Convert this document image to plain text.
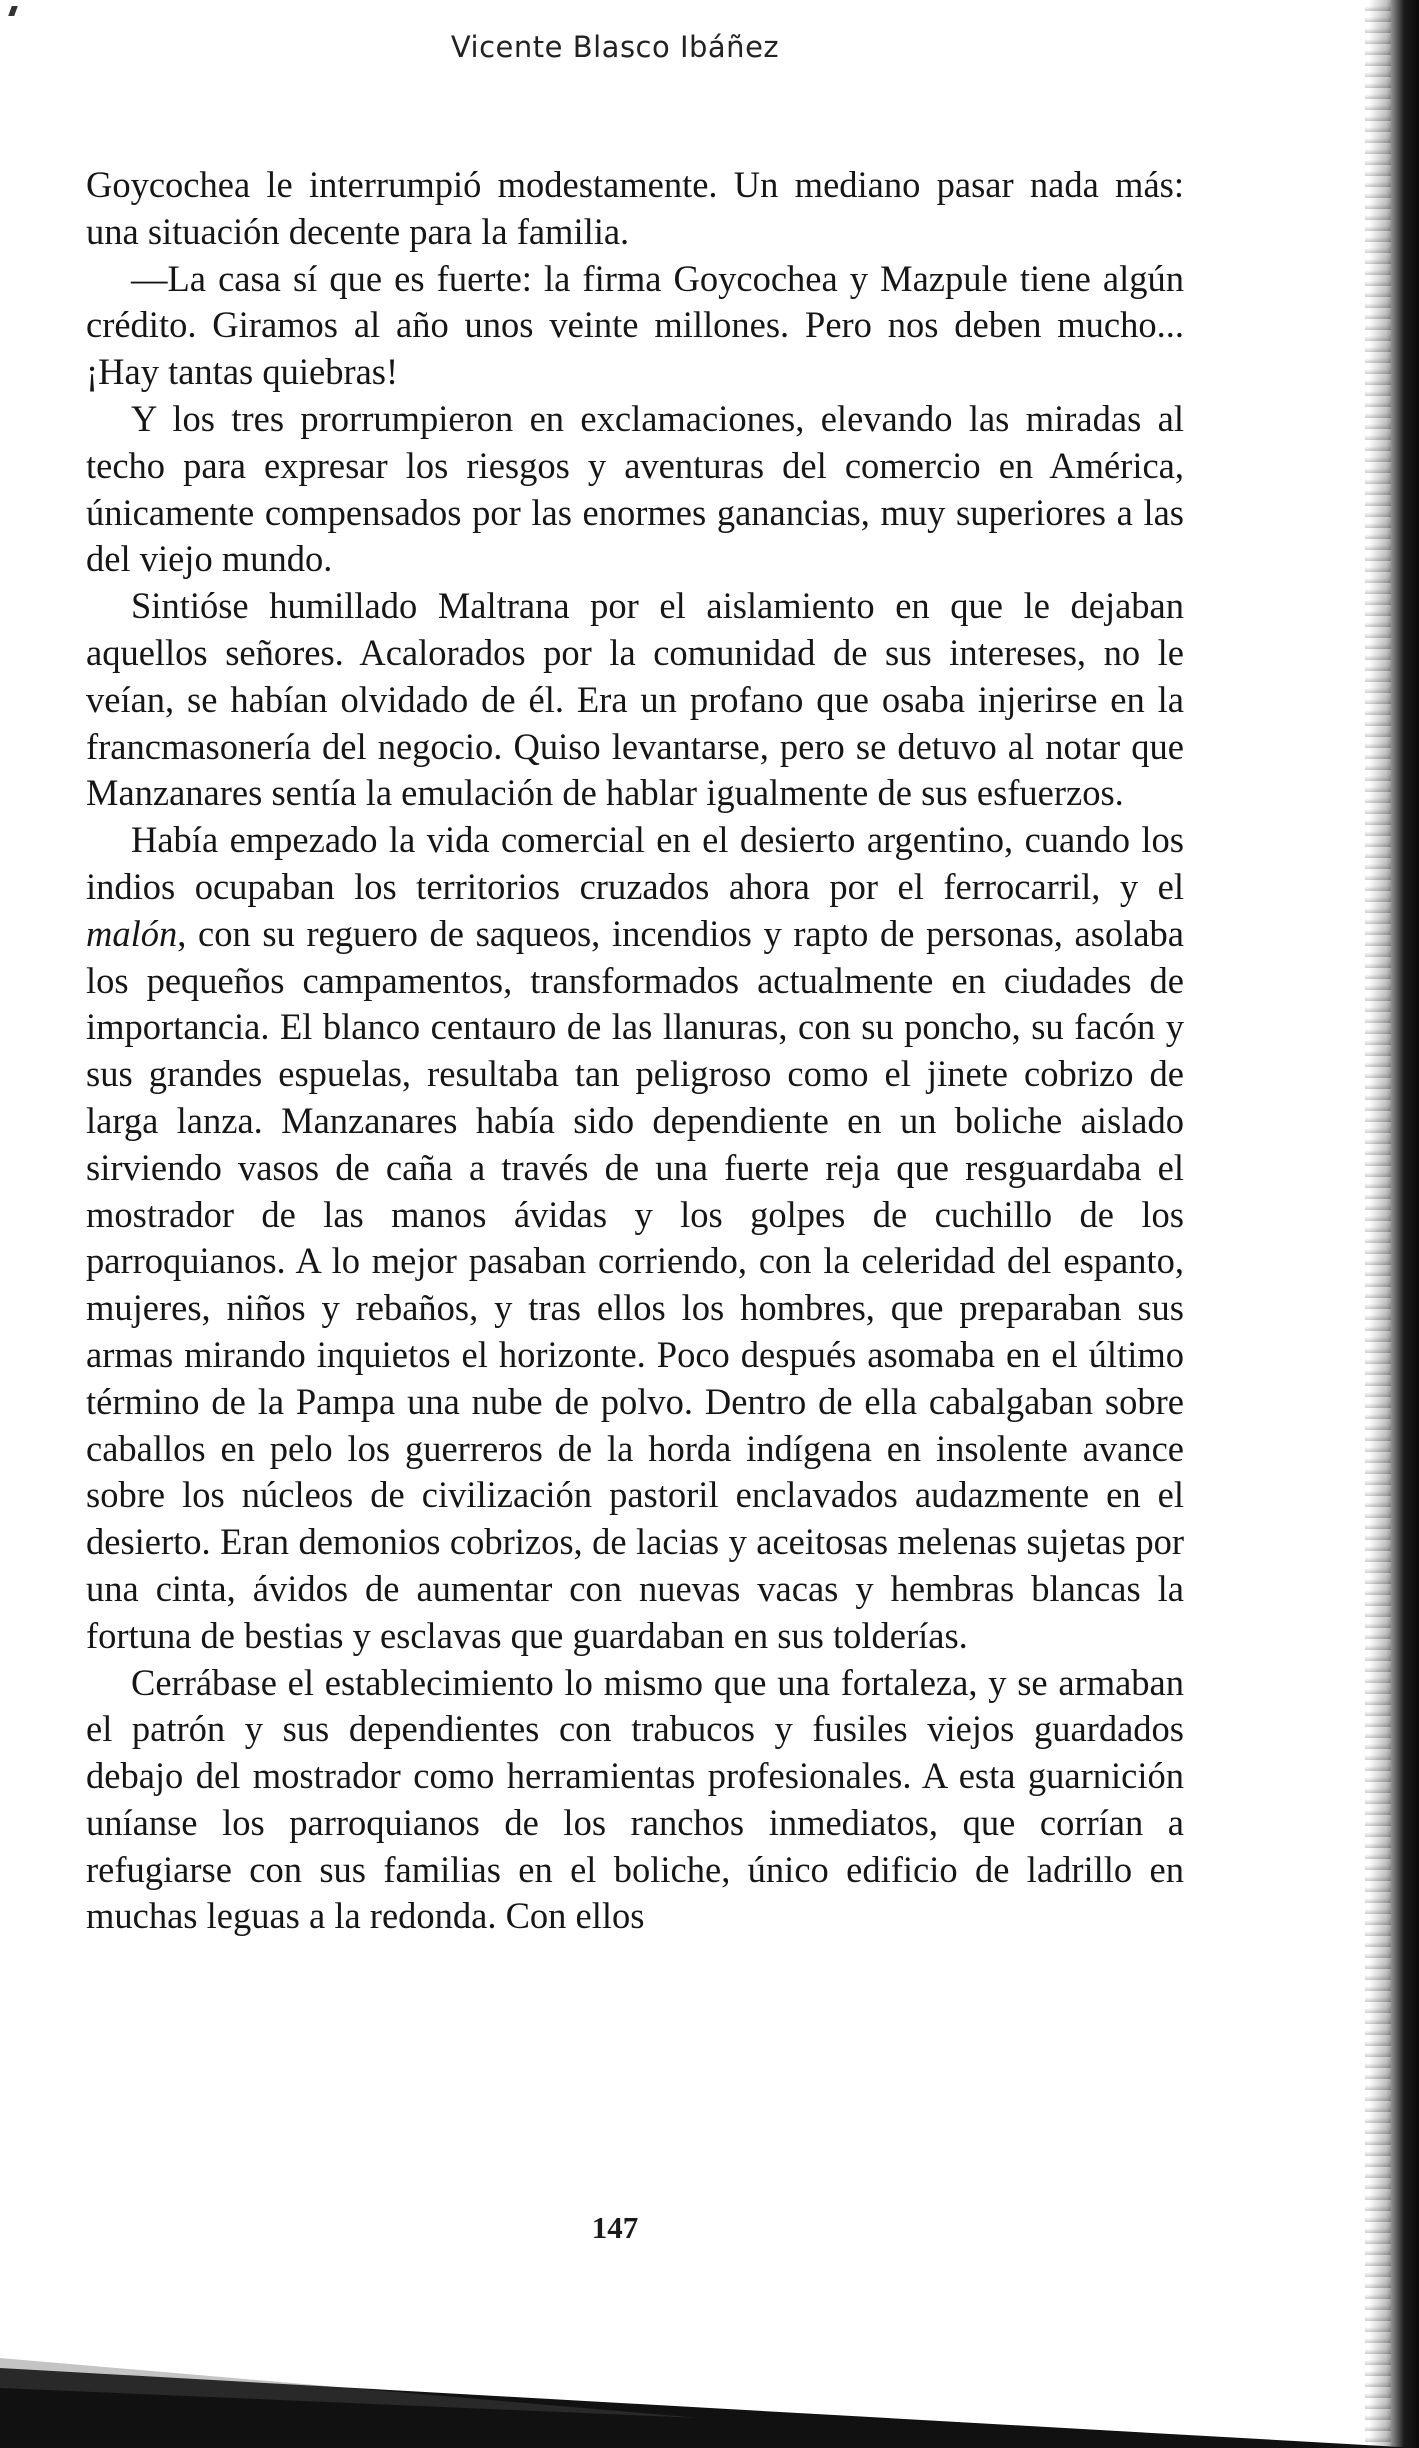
Vicente Blasco Ibáñez

Goycochea le interrumpió modestamente. Un mediano pasar nada más: una situación decente para la familia.

—La casa sí que es fuerte: la firma Goycochea y Mazpule tiene algún crédito. Giramos al año unos veinte millones. Pero nos deben mucho... ¡Hay tantas quiebras!

Y los tres prorrumpieron en exclamaciones, elevando las miradas al techo para expresar los riesgos y aventuras del comercio en América, únicamente compensados por las enormes ganancias, muy superiores a las del viejo mundo.

Sintióse humillado Maltrana por el aislamiento en que le dejaban aquellos señores. Acalorados por la comunidad de sus intereses, no le veían, se habían olvidado de él. Era un profano que osaba injerirse en la francmasonería del negocio. Quiso levantarse, pero se detuvo al notar que Manzanares sentía la emulación de hablar igualmente de sus esfuerzos.

Había empezado la vida comercial en el desierto argentino, cuando los indios ocupaban los territorios cruzados ahora por el ferrocarril, y el malón, con su reguero de saqueos, incendios y rapto de personas, asolaba los pequeños campamentos, transformados actualmente en ciudades de importancia. El blanco centauro de las llanuras, con su poncho, su facón y sus grandes espuelas, resultaba tan peligroso como el jinete cobrizo de larga lanza. Manzanares había sido dependiente en un boliche aislado sirviendo vasos de caña a través de una fuerte reja que resguardaba el mostrador de las manos ávidas y los golpes de cuchillo de los parroquianos. A lo mejor pasaban corriendo, con la celeridad del espanto, mujeres, niños y rebaños, y tras ellos los hombres, que preparaban sus armas mirando inquietos el horizonte. Poco después asomaba en el último término de la Pampa una nube de polvo. Dentro de ella cabalgaban sobre caballos en pelo los guerreros de la horda indígena en insolente avance sobre los núcleos de civilización pastoril enclavados audazmente en el desierto. Eran demonios cobrizos, de lacias y aceitosas melenas sujetas por una cinta, ávidos de aumentar con nuevas vacas y hembras blancas la fortuna de bestias y esclavas que guardaban en sus tolderías.

Cerrábase el establecimiento lo mismo que una fortaleza, y se armaban el patrón y sus dependientes con trabucos y fusiles viejos guardados debajo del mostrador como herramientas profesionales. A esta guarnición uníanse los parroquianos de los ranchos inmediatos, que corrían a refugiarse con sus familias en el boliche, único edificio de ladrillo en muchas leguas a la redonda. Con ellos

147
